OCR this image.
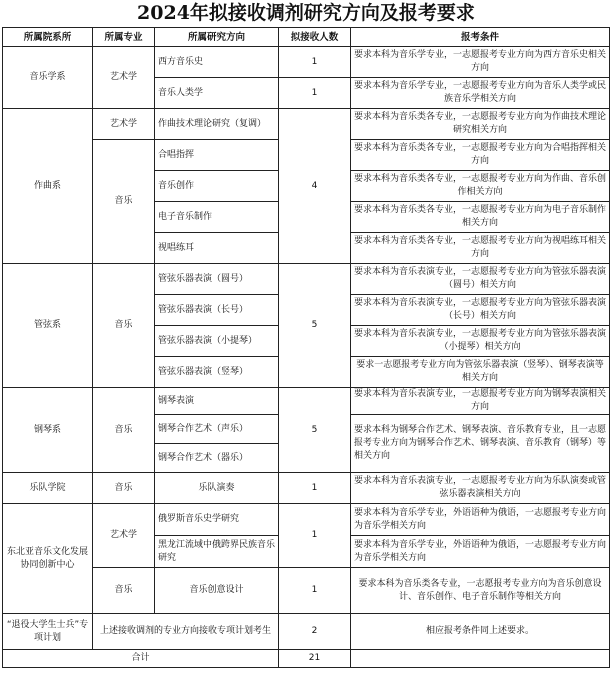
2024年拟接收调剂研究方向及报考要求
所属院系所	所属专业	所属研究方向	拟接收人数	报考条件
音乐学系	艺术学	西方音乐史	1	要求本科为音乐学专业，一志愿报考专业方向为西方音乐史相关方向
		音乐人类学	1	要求本科为音乐学专业，一志愿报考专业方向为音乐人类学或民族音乐学相关方向
作曲系	艺术学	作曲技术理论研究（复调）	4	要求本科为音乐类各专业，一志愿报考专业方向为作曲技术理论研究相关方向
	音乐	合唱指挥		要求本科为音乐类各专业，一志愿报考专业方向为合唱指挥相关方向
		音乐创作		要求本科为音乐类各专业，一志愿报考专业方向为作曲、音乐创作相关方向
		电子音乐制作		要求本科为音乐类各专业，一志愿报考专业方向为电子音乐制作相关方向
		视唱练耳		要求本科为音乐类各专业，一志愿报考专业方向为视唱练耳相关方向
管弦系	音乐	管弦乐器表演（圆号）	5	要求本科为音乐表演专业，一志愿报考专业方向为管弦乐器表演（圆号）相关方向
		管弦乐器表演（长号）		要求本科为音乐表演专业，一志愿报考专业方向为管弦乐器表演（长号）相关方向
		管弦乐器表演（小提琴）		要求本科为音乐表演专业，一志愿报考专业方向为管弦乐器表演（小提琴）相关方向
		管弦乐器表演（竖琴）		要求一志愿报考专业方向为管弦乐器表演（竖琴）、钢琴表演等相关方向
钢琴系	音乐	钢琴表演	5	要求本科为音乐表演专业，一志愿报考专业方向为钢琴表演相关方向
		钢琴合作艺术（声乐）		要求本科为钢琴合作艺术、钢琴表演、音乐教育专业，且一志愿报考专业方向为钢琴合作艺术、钢琴表演、音乐教育（钢琴）等相关方向
		钢琴合作艺术（器乐）		
乐队学院	音乐	乐队演奏	1	要求本科为音乐表演专业，一志愿报考专业方向为乐队演奏或管弦乐器表演相关方向
东北亚音乐文化发展协同创新中心	艺术学	俄罗斯音乐史学研究	1	要求本科为音乐学专业，外语语种为俄语，一志愿报考专业方向为音乐学相关方向
		黑龙江流域中俄跨界民族音乐研究		要求本科为音乐学专业，外语语种为俄语，一志愿报考专业方向为音乐学相关方向
	音乐	音乐创意设计	1	要求本科为音乐类各专业，一志愿报考专业方向为音乐创意设计、音乐创作、电子音乐制作等相关方向
“退役大学生士兵”专项计划	上述接收调剂的专业方向接收专项计划考生		2	相应报考条件同上述要求。
合计			21	
